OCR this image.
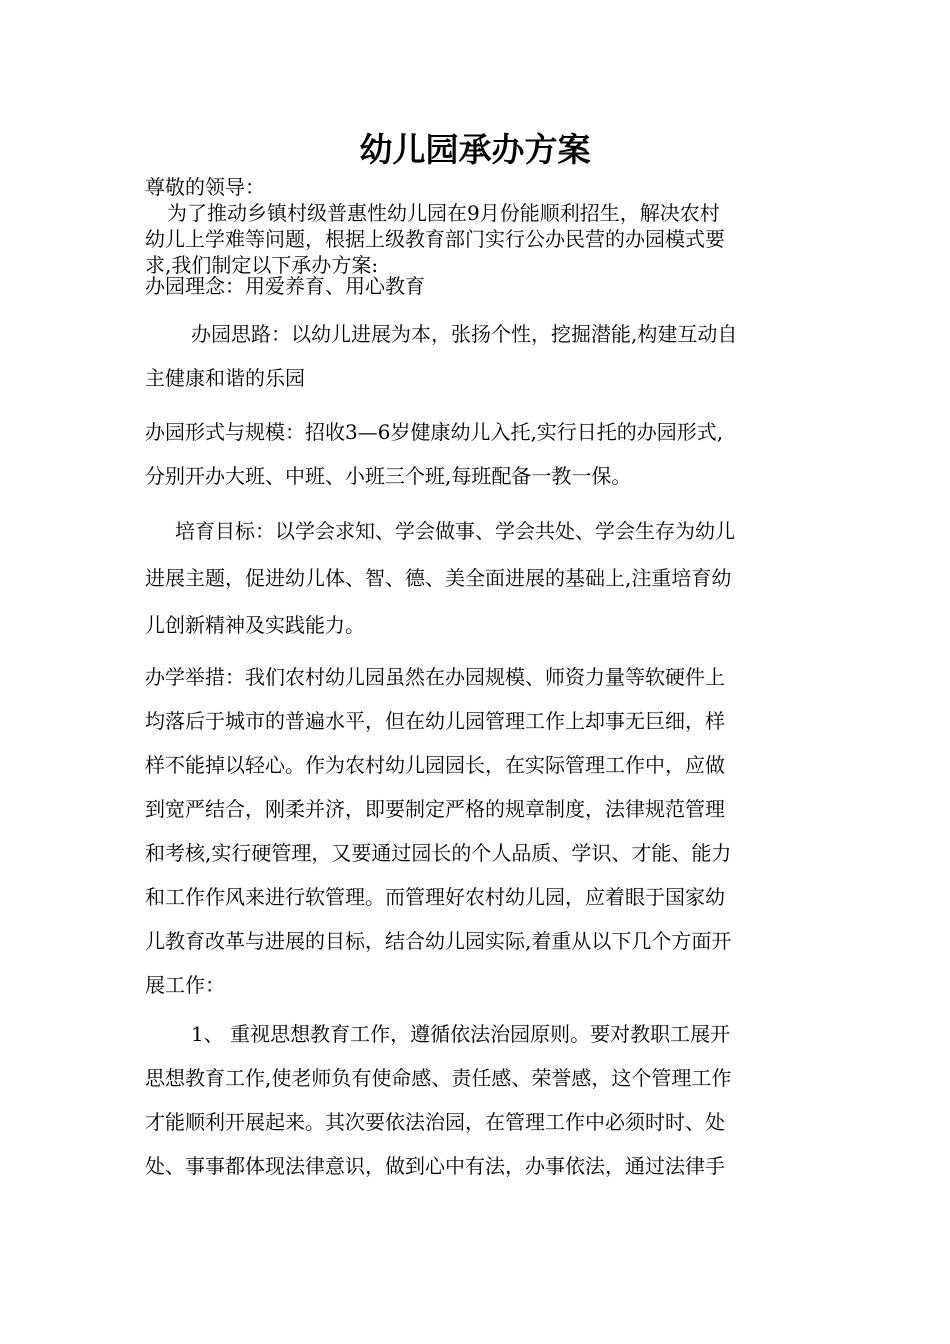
幼儿园承办方案
尊敬的领导：
为了推动乡镇村级普惠性幼儿园在9月份能顺利招生，解决农村
幼儿上学难等问题，根据上级教育部门实行公办民营的办园模式要
求,我们制定以下承办方案:
办园理念：用爱养育、用心教育
办园思路：以幼儿进展为本，张扬个性，挖掘潜能,构建互动自
主健康和谐的乐园
办园形式与规模：招收3—6岁健康幼儿入托,实行日托的办园形式,
分别开办大班、中班、小班三个班,每班配备一教一保。
培育目标：以学会求知、学会做事、学会共处、学会生存为幼儿
进展主题，促进幼儿体、智、德、美全面进展的基础上,注重培育幼
儿创新精神及实践能力。
办学举措：我们农村幼儿园虽然在办园规模、师资力量等软硬件上
均落后于城市的普遍水平，但在幼儿园管理工作上却事无巨细，样
样不能掉以轻心。作为农村幼儿园园长，在实际管理工作中，应做
到宽严结合，刚柔并济，即要制定严格的规章制度，法律规范管理
和考核,实行硬管理，又要通过园长的个人品质、学识、才能、能力
和工作作风来进行软管理。而管理好农村幼儿园，应着眼于国家幼
儿教育改革与进展的目标，结合幼儿园实际,着重从以下几个方面开
展工作：
1、 重视思想教育工作，遵循依法治园原则。要对教职工展开
思想教育工作,使老师负有使命感、责任感、荣誉感，这个管理工作
才能顺利开展起来。其次要依法治园，在管理工作中必须时时、处
处、事事都体现法律意识，做到心中有法，办事依法，通过法律手
